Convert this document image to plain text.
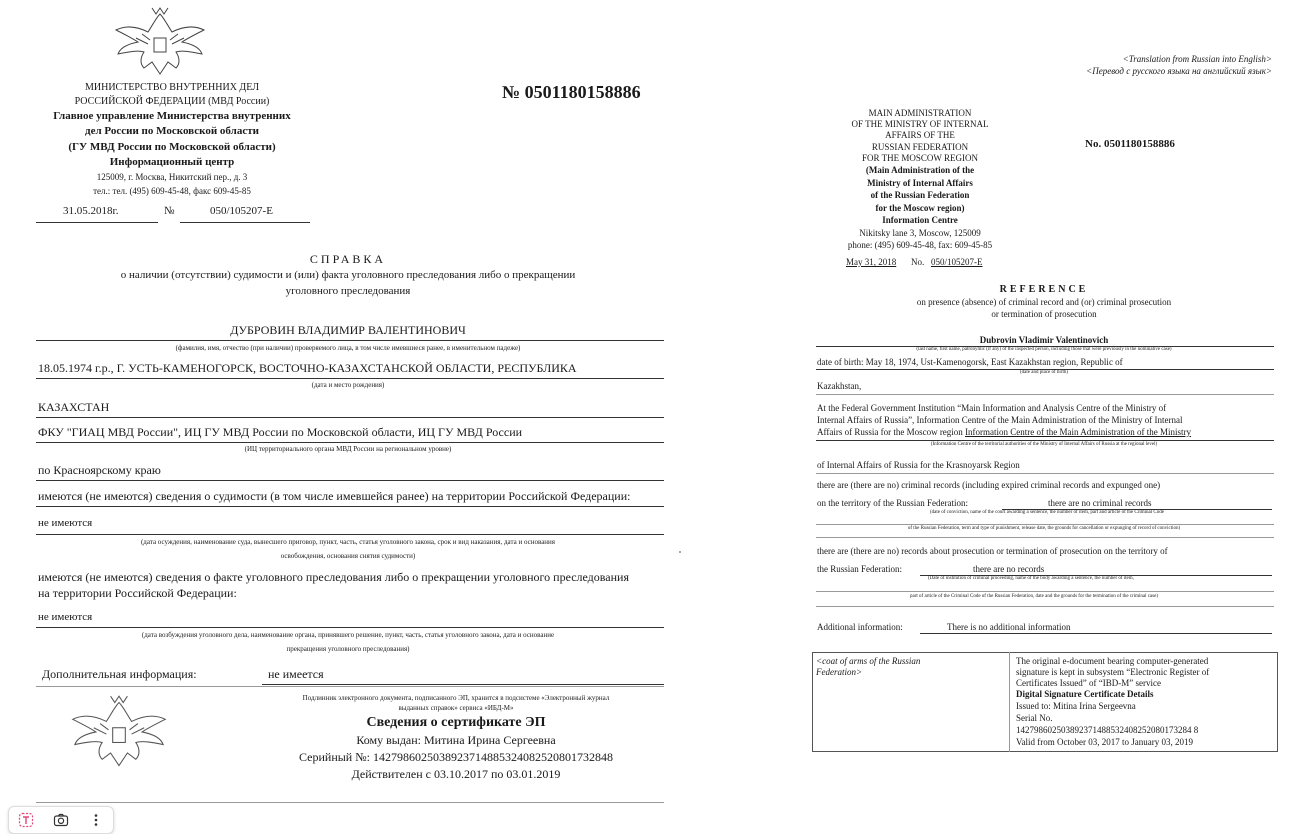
МИНИСТЕРСТВО ВНУТРЕННИХ ДЕЛ
РОССИЙСКОЙ ФЕДЕРАЦИИ (МВД России)
Главное управление Министерства внутренних
дел России по Московской области
(ГУ МВД России по Московской области)
Информационный центр
125009, г. Москва, Никитский пер., д. 3
тел.: тел. (495) 609-45-48, факс 609-45-85
31.05.2018г.	№	050/105207-Е
№ 0501180158886
СПРАВКА
о наличии (отсутствии) судимости и (или) факта уголовного преследования либо о прекращении
уголовного преследования
ДУБРОВИН ВЛАДИМИР ВАЛЕНТИНОВИЧ
(фамилия, имя, отчество (при наличии) проверяемого лица, в том числе имевшиеся ранее, в именительном падеже)
18.05.1974 г.р., Г. УСТЬ-КАМЕНОГОРСК, ВОСТОЧНО-КАЗАХСТАНСКОЙ ОБЛАСТИ, РЕСПУБЛИКА
(дата и место рождения)
КАЗАХСТАН
ФКУ "ГИАЦ МВД России", ИЦ ГУ МВД России по Московской области, ИЦ ГУ МВД России
(ИЦ территориального органа МВД России на региональном уровне)
по Красноярскому краю
имеются (не имеются) сведения о судимости (в том числе имевшейся ранее) на территории Российской Федерации:
не имеются
(дата осуждения, наименование суда, вынесшего приговор, пункт, часть, статья уголовного закона, срок и вид наказания, дата и основания
освобождения, основания снятия судимости)
имеются (не имеются) сведения о факте уголовного преследования либо о прекращении уголовного преследования
на территории Российской Федерации:
не имеются
(дата возбуждения уголовного дела, наименование органа, принявшего решение, пункт, часть, статья уголовного закона, дата и основание
прекращения уголовного преследования)
Дополнительная информация:	не имеется
Подлинник электронного документа, подписанного ЭП, хранится в подсистеме «Электронный журнал
выданных справок» сервиса «ИБД-М»
Сведения о сертификате ЭП
Кому выдан: Митина Ирина Сергеевна
Серийный №: 1427986025038923714885324082520801732848
Действителен с 03.10.2017 по 03.01.2019
<Translation from Russian into English>
<Перевод с русского языка на английский язык>
MAIN ADMINISTRATION
OF THE MINISTRY OF INTERNAL
AFFAIRS OF THE
RUSSIAN FEDERATION
FOR THE MOSCOW REGION
(Main Administration of the
Ministry of Internal Affairs
of the Russian Federation
for the Moscow region)
Information Centre
Nikitsky lane 3, Moscow, 125009
phone: (495) 609-45-48, fax: 609-45-85
May 31, 2018 No. 050/105207-E
No. 0501180158886
REFERENCE
on presence (absence) of criminal record and (or) criminal prosecution
or termination of prosecution
Dubrovin Vladimir Valentinovich
(last name, first name, patronymic (if any) of the inspected person, including those that were previously in the nominative case)
date of birth: May 18, 1974, Ust-Kamenogorsk, East Kazakhstan region, Republic of
(date and place of birth)
Kazakhstan,
At the Federal Government Institution “Main Information and Analysis Centre of the Ministry of
Internal Affairs of Russia”, Information Centre of the Main Administration of the Ministry of Internal
Affairs of Russia for the Moscow region Information Centre of the Main Administration of the Ministry
(Information Centre of the territorial authorities of the Ministry of Internal Affairs of Russia at the regional level)
of Internal Affairs of Russia for the Krasnoyarsk Region
there are (there are no) criminal records (including expired criminal records and expunged one)
on the territory of the Russian Federation:	there are no criminal records
(date of conviction, name of the court awarding a sentence, the number of item, part and article of the Criminal Code
of the Russian Federation, term and type of punishment, release date, the grounds for cancellation or expunging of record of conviction)
there are (there are no) records about prosecution or termination of prosecution on the territory of
the Russian Federation:	there are no records
(Date of institution of criminal proceeding, name of the body awarding a sentence, the number of item,
part of article of the Criminal Code of the Russian Federation, date and the grounds for the termination of the criminal case)
Additional information:	There is no additional information
<coat of arms of the Russian
Federation>
The original e-document bearing computer-generated
signature is kept in subsystem “Electronic Register of
Certificates Issued” of “IBD-M” service
Digital Signature Certificate Details
Issued to: Mitina Irina Sergeevna
Serial No.
142798602503892371488532408252080173284 8
Valid from October 03, 2017 to January 03, 2019
